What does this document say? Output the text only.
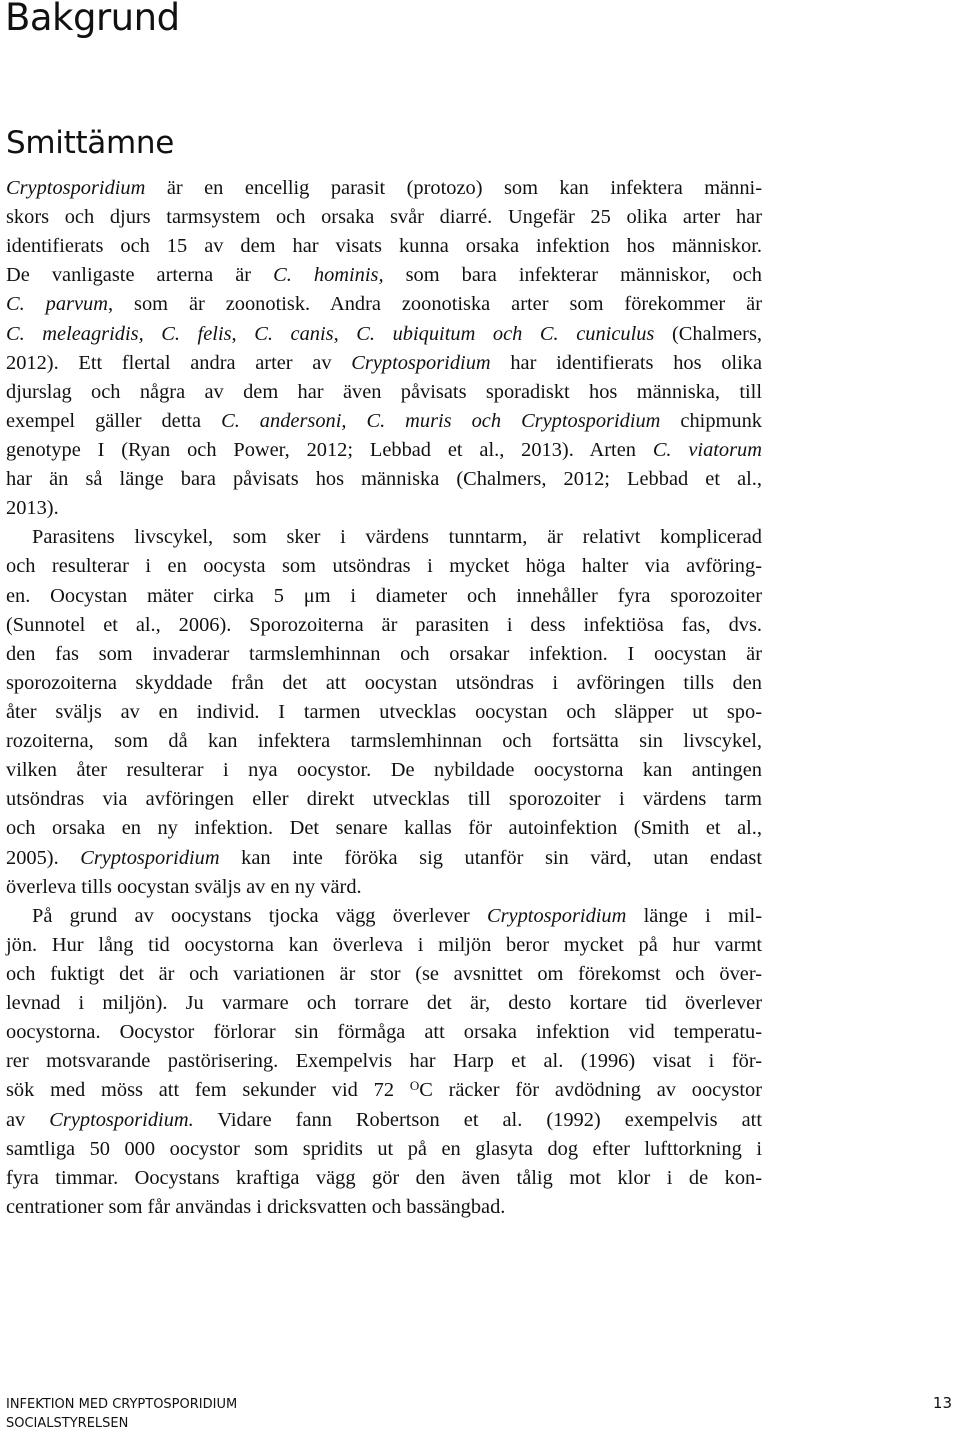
Bakgrund
Smittämne
Cryptosporidium är en encellig parasit (protozo) som kan infektera männi-
skors och djurs tarmsystem och orsaka svår diarré. Ungefär 25 olika arter har
identifierats och 15 av dem har visats kunna orsaka infektion hos människor.
De vanligaste arterna är C. hominis, som bara infekterar människor, och
C. parvum, som är zoonotisk. Andra zoonotiska arter som förekommer är
C. meleagridis, C. felis, C. canis, C. ubiquitum och C. cuniculus (Chalmers,
2012). Ett flertal andra arter av Cryptosporidium har identifierats hos olika
djurslag och några av dem har även påvisats sporadiskt hos människa, till
exempel gäller detta C. andersoni, C. muris och Cryptosporidium chipmunk
genotype I (Ryan och Power, 2012; Lebbad et al., 2013). Arten C. viatorum
har än så länge bara påvisats hos människa (Chalmers, 2012; Lebbad et al.,
2013).
Parasitens livscykel, som sker i värdens tunntarm, är relativt komplicerad
och resulterar i en oocysta som utsöndras i mycket höga halter via avföring-
en. Oocystan mäter cirka 5 μm i diameter och innehåller fyra sporozoiter
(Sunnotel et al., 2006). Sporozoiterna är parasiten i dess infektiösa fas, dvs.
den fas som invaderar tarmslemhinnan och orsakar infektion. I oocystan är
sporozoiterna skyddade från det att oocystan utsöndras i avföringen tills den
åter sväljs av en individ. I tarmen utvecklas oocystan och släpper ut spo-
rozoiterna, som då kan infektera tarmslemhinnan och fortsätta sin livscykel,
vilken åter resulterar i nya oocystor. De nybildade oocystorna kan antingen
utsöndras via avföringen eller direkt utvecklas till sporozoiter i värdens tarm
och orsaka en ny infektion. Det senare kallas för autoinfektion (Smith et al.,
2005). Cryptosporidium kan inte föröka sig utanför sin värd, utan endast
överleva tills oocystan sväljs av en ny värd.
På grund av oocystans tjocka vägg överlever Cryptosporidium länge i mil-
jön. Hur lång tid oocystorna kan överleva i miljön beror mycket på hur varmt
och fuktigt det är och variationen är stor (se avsnittet om förekomst och över-
levnad i miljön). Ju varmare och torrare det är, desto kortare tid överlever
oocystorna. Oocystor förlorar sin förmåga att orsaka infektion vid temperatu-
rer motsvarande pastörisering. Exempelvis har Harp et al. (1996) visat i för-
sök med möss att fem sekunder vid 72 $^O$C räcker för avdödning av oocystor
av Cryptosporidium. Vidare fann Robertson et al. (1992) exempelvis att
samtliga 50 000 oocystor som spridits ut på en glasyta dog efter lufttorkning i
fyra timmar. Oocystans kraftiga vägg gör den även tålig mot klor i de kon-
centrationer som får användas i dricksvatten och bassängbad.
INFEKTION MED CRYPTOSPORIDIUM
SOCIALSTYRELSEN
13
